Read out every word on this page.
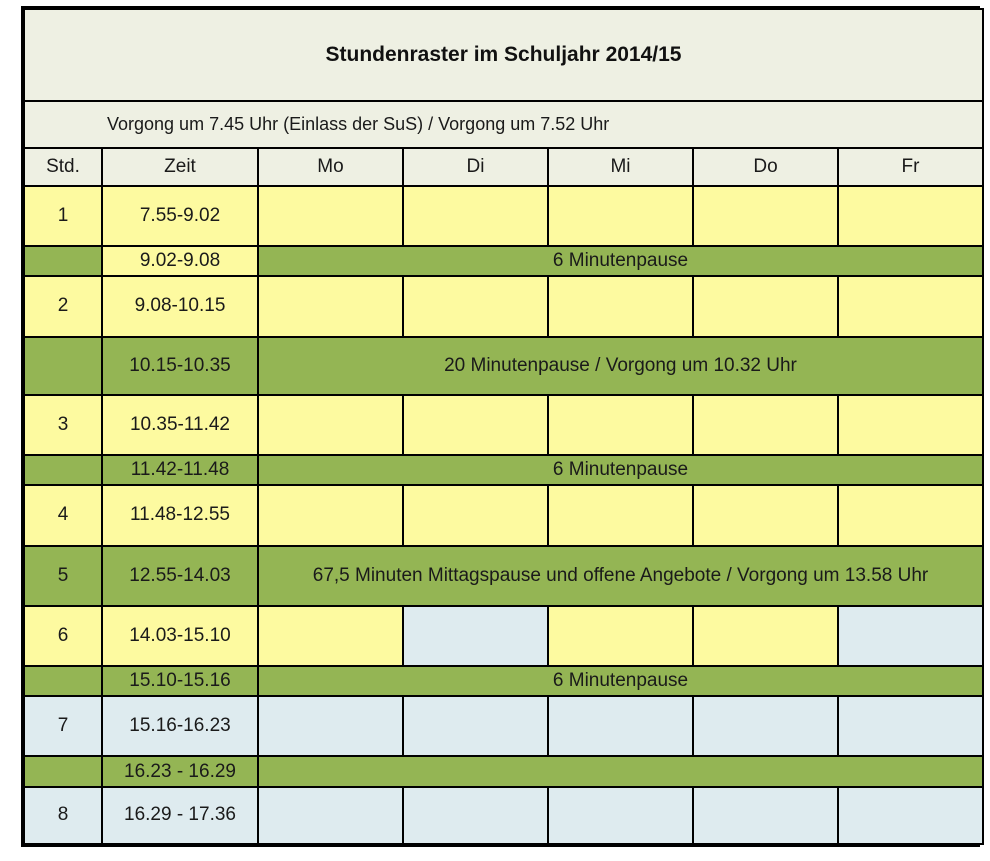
Stundenraster im Schuljahr 2014/15						
Vorgong um 7.45 Uhr (Einlass der SuS) / Vorgong um 7.52 Uhr						
Std.	Zeit	Mo	Di	Mi	Do	Fr
1	7.55-9.02					
	9.02-9.08	6 Minutenpause				
2	9.08-10.15					
	10.15-10.35	20 Minutenpause / Vorgong um 10.32 Uhr				
3	10.35-11.42					
	11.42-11.48	6 Minutenpause				
4	11.48-12.55					
5	12.55-14.03	67,5 Minuten Mittagspause und offene Angebote / Vorgong um 13.58 Uhr				
6	14.03-15.10					
	15.10-15.16	6 Minutenpause				
7	15.16-16.23					
	16.23 - 16.29					
8	16.29 - 17.36					
